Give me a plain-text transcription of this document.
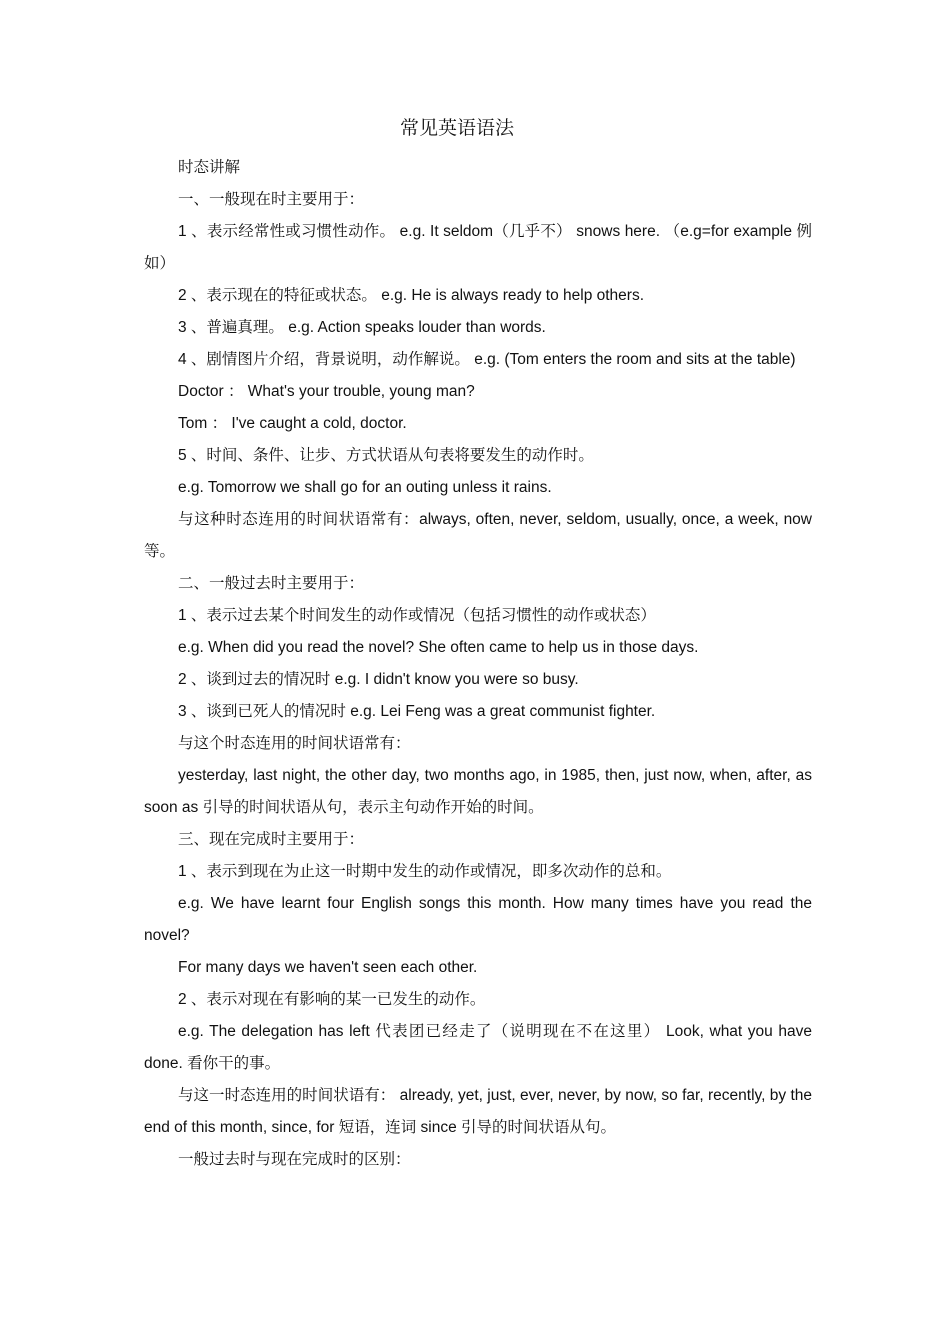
常见英语语法

时态讲解

一、一般现在时主要用于：

1 、表示经常性或习惯性动作。 e.g. It seldom（几乎不） snows here. （e.g=for example 例如）

2 、表示现在的特征或状态。 e.g. He is always ready to help others.

3 、普遍真理。 e.g. Action speaks louder than words.

4 、剧情图片介绍，背景说明，动作解说。 e.g. (Tom enters the room and sits at the table)

Doctor ： What's your trouble, young man?

Tom ： I've caught a cold, doctor.

5 、时间、条件、让步、方式状语从句表将要发生的动作时。

e.g. Tomorrow we shall go for an outing unless it rains.

与这种时态连用的时间状语常有：always, often, never, seldom, usually, once, a week, now 等。

二、一般过去时主要用于：

1 、表示过去某个时间发生的动作或情况（包括习惯性的动作或状态）

e.g. When did you read the novel? She often came to help us in those days.

2 、谈到过去的情况时 e.g. I didn't know you were so busy.

3 、谈到已死人的情况时 e.g. Lei Feng was a great communist fighter.

与这个时态连用的时间状语常有：

yesterday, last night, the other day, two months ago, in 1985, then, just now, when, after, as soon as 引导的时间状语从句，表示主句动作开始的时间。

三、现在完成时主要用于：

1 、表示到现在为止这一时期中发生的动作或情况，即多次动作的总和。

e.g. We have learnt four English songs this month. How many times have you read the novel?

For many days we haven't seen each other.

2 、表示对现在有影响的某一已发生的动作。

e.g. The delegation has left 代表团已经走了（说明现在不在这里） Look, what you have done. 看你干的事。

与这一时态连用的时间状语有： already, yet, just, ever, never, by now, so far, recently, by the end of this month, since, for 短语，连词 since 引导的时间状语从句。

一般过去时与现在完成时的区别：
